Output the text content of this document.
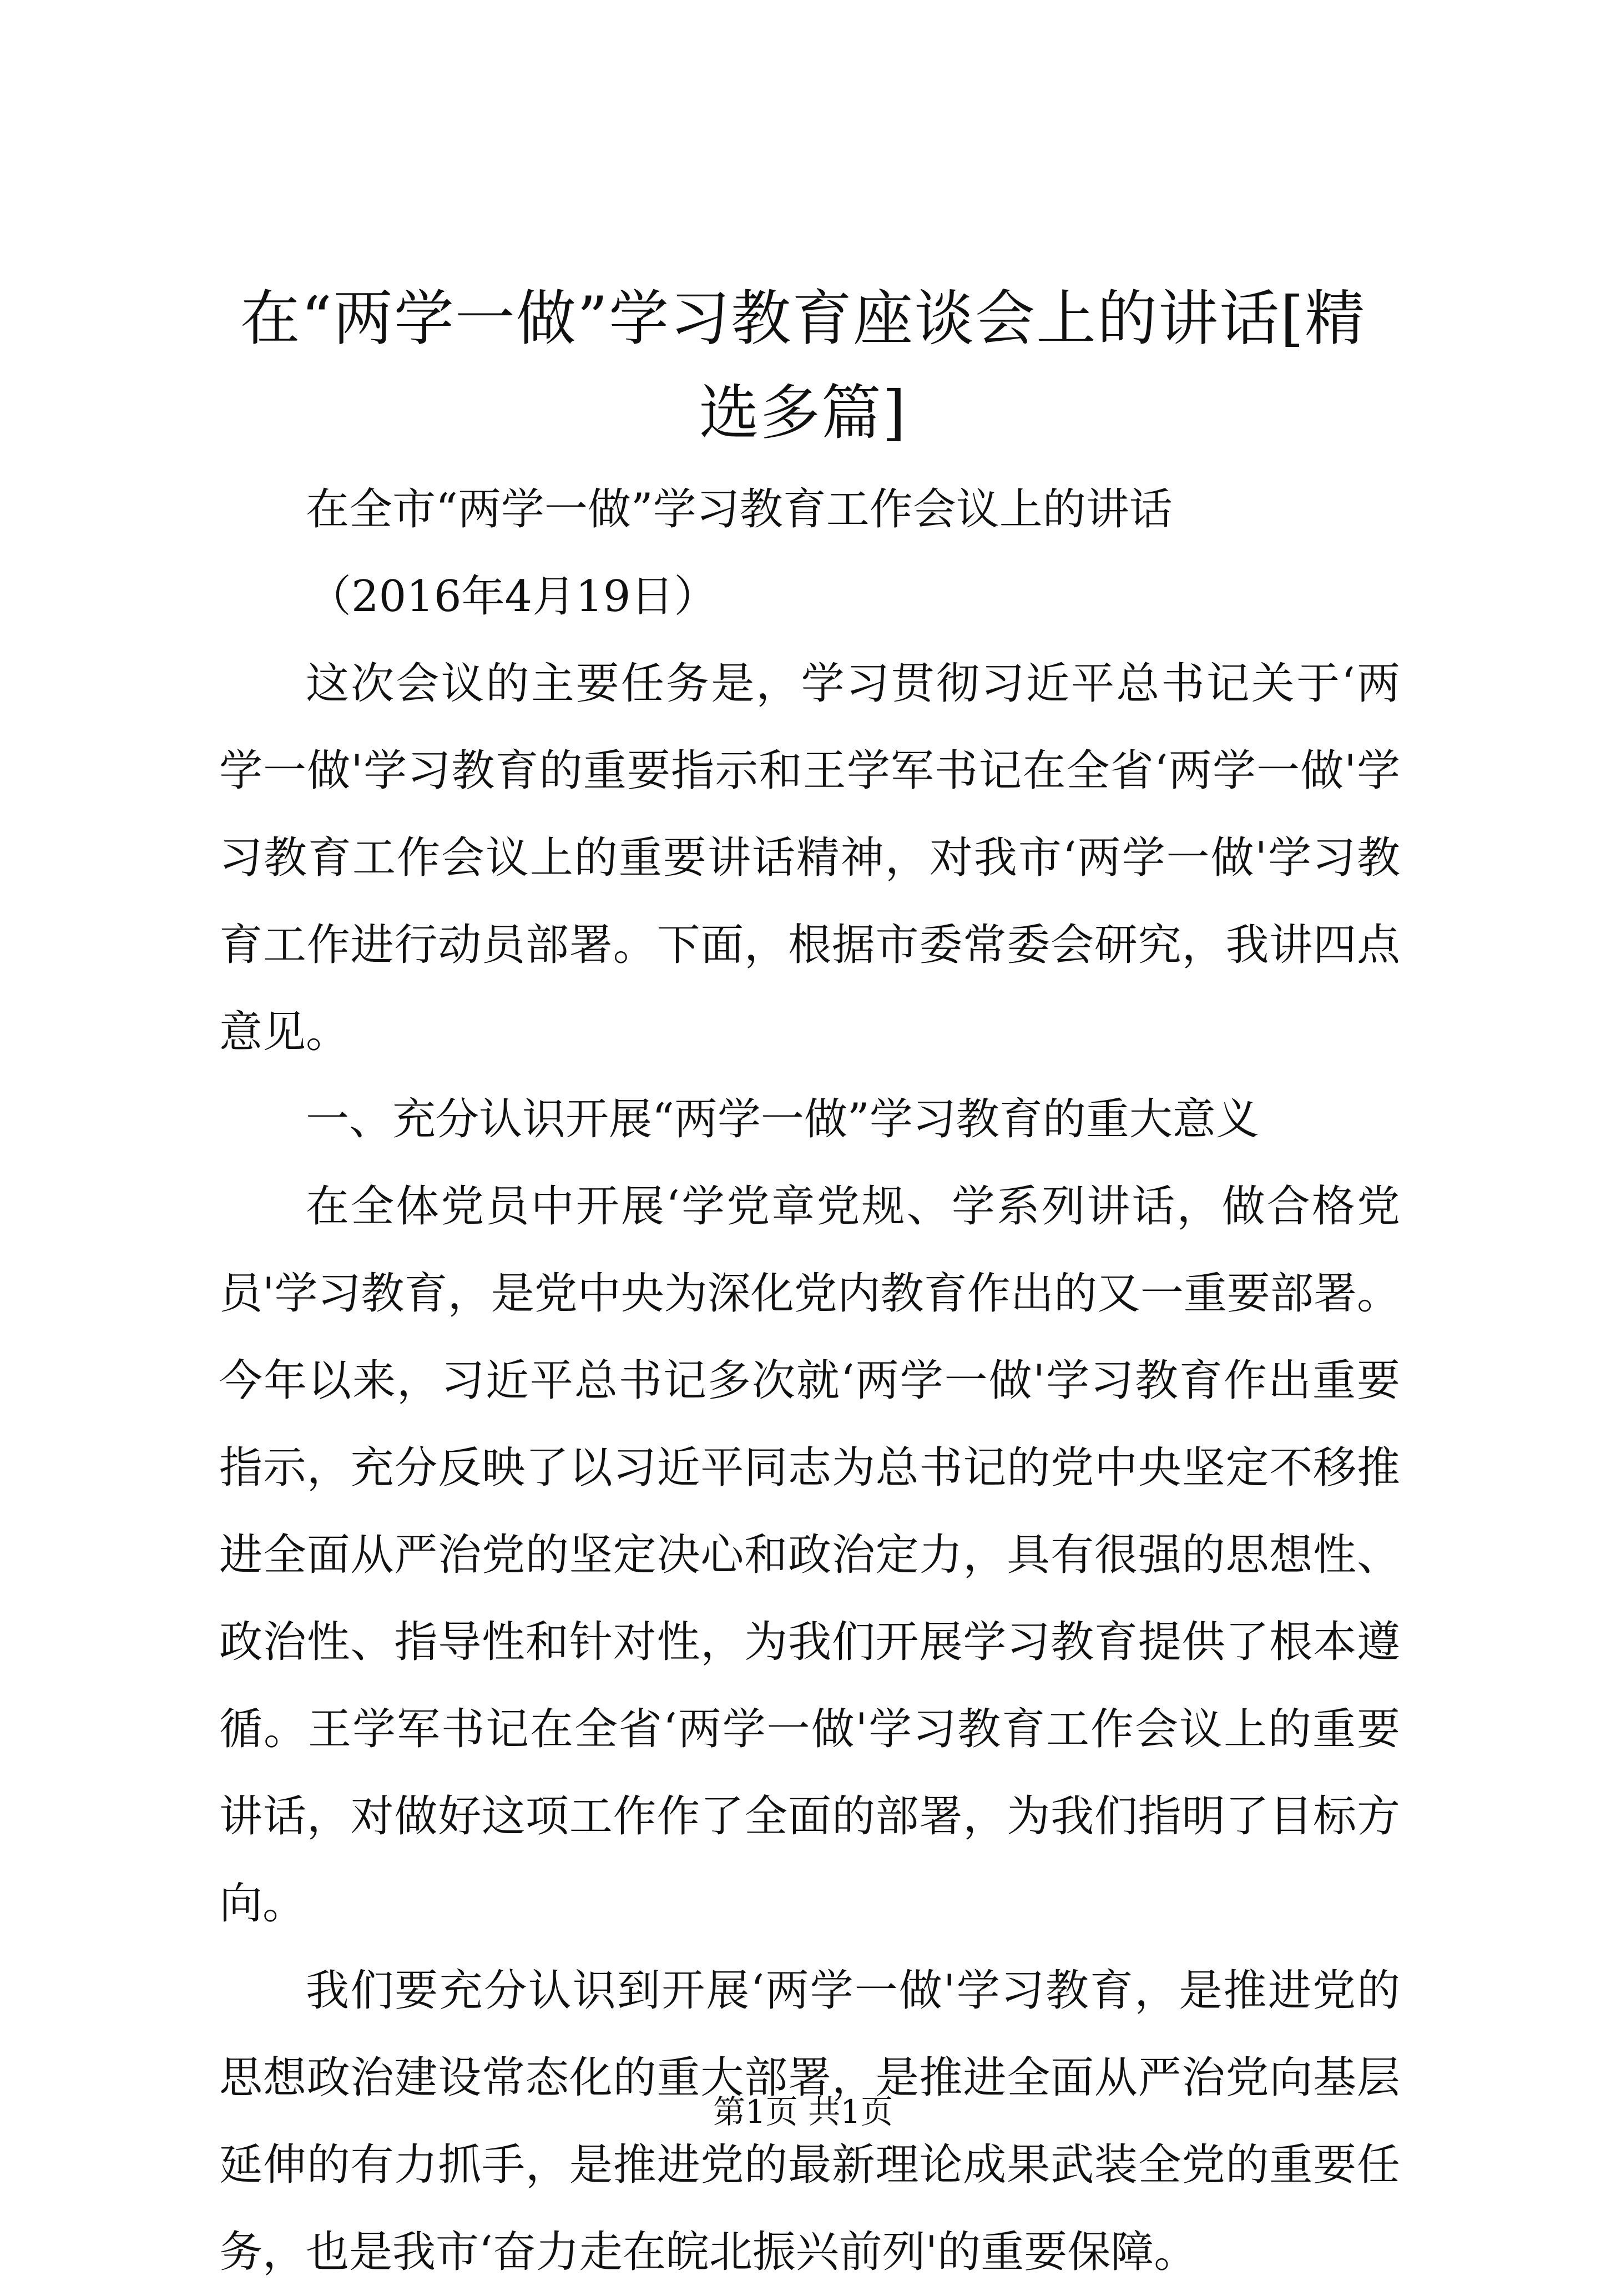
在“两学一做”学习教育座谈会上的讲话[精选多篇]

在全市“两学一做”学习教育工作会议上的讲话

（2016年4月19日）

这次会议的主要任务是，学习贯彻习近平总书记关于‘两学一做'学习教育的重要指示和王学军书记在全省‘两学一做'学习教育工作会议上的重要讲话精神，对我市‘两学一做'学习教育工作进行动员部署。下面，根据市委常委会研究，我讲四点意见。

一、充分认识开展“两学一做”学习教育的重大意义

在全体党员中开展‘学党章党规、学系列讲话，做合格党员'学习教育，是党中央为深化党内教育作出的又一重要部署。今年以来，习近平总书记多次就‘两学一做'学习教育作出重要指示，充分反映了以习近平同志为总书记的党中央坚定不移推进全面从严治党的坚定决心和政治定力，具有很强的思想性、政治性、指导性和针对性，为我们开展学习教育提供了根本遵循。王学军书记在全省‘两学一做'学习教育工作会议上的重要讲话，对做好这项工作作了全面的部署，为我们指明了目标方向。

我们要充分认识到开展‘两学一做'学习教育，是推进党的思想政治建设常态化的重大部署，是推进全面从严治党向基层延伸的有力抓手，是推进党的最新理论成果武装全党的重要任务，也是我市‘奋力走在皖北振兴前列'的重要保障。

第1页 共1页
